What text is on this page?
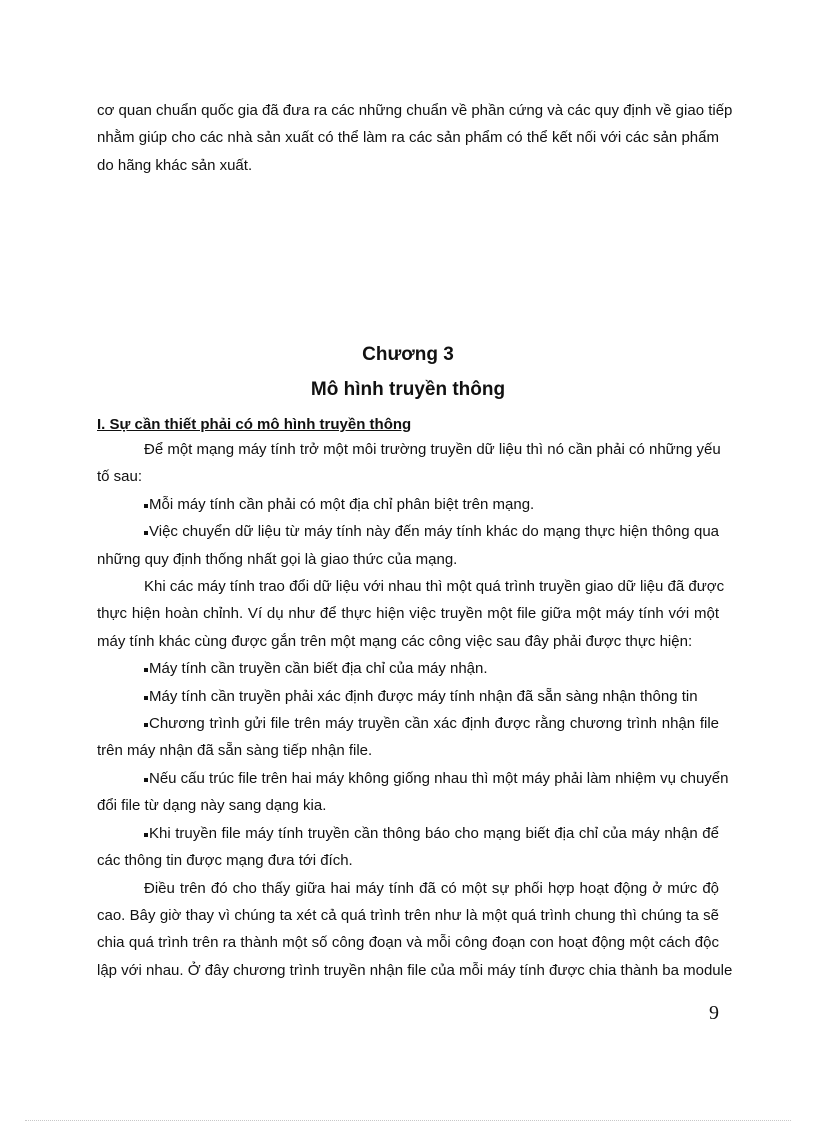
cơ quan chuẩn quốc gia đã đưa ra các những chuẩn về phần cứng và các quy định về giao tiếp
nhằm giúp cho các nhà sản xuất có thể làm ra các sản phẩm có thể kết nối với các sản phẩm
do hãng khác sản xuất.
Chương 3
Mô hình truyền thông
I. Sự cần thiết phải có mô hình truyền thông
Để một mạng máy tính trở một môi trường truyền dữ liệu thì nó cần phải có những yếu
tố sau:
Mỗi máy tính cần phải có một địa chỉ phân biệt trên mạng.
Việc chuyển dữ liệu từ máy tính này đến máy tính khác do mạng thực hiện thông qua
những quy định thống nhất gọi là giao thức của mạng.
Khi các máy tính trao đổi dữ liệu với nhau thì một quá trình truyền giao dữ liệu đã được
thực hiện hoàn chỉnh. Ví dụ như để thực hiện việc truyền một file giữa một máy tính với một
máy tính khác cùng được gắn trên một mạng các công việc sau đây phải được thực hiện:
Máy tính cần truyền cần biết địa chỉ của máy nhận.
Máy tính cần truyền phải xác định được máy tính nhận đã sẵn sàng nhận thông tin
Chương trình gửi file trên máy truyền cần xác định được rằng chương trình nhận file
trên máy nhận đã sẵn sàng tiếp nhận file.
Nếu cấu trúc file trên hai máy không giống nhau thì một máy phải làm nhiệm vụ chuyển
đổi file từ dạng này sang dạng kia.
Khi truyền file máy tính truyền cần thông báo cho mạng biết địa chỉ của máy nhận để
các thông tin được mạng đưa tới đích.
Điều trên đó cho thấy giữa hai máy tính đã có một sự phối hợp hoạt động ở mức độ
cao. Bây giờ thay vì chúng ta xét cả quá trình trên như là một quá trình chung thì chúng ta sẽ
chia quá trình trên ra thành một số công đoạn và mỗi công đoạn con hoạt động một cách độc
lập với nhau. Ở đây chương trình truyền nhận file của mỗi máy tính được chia thành ba module
9
